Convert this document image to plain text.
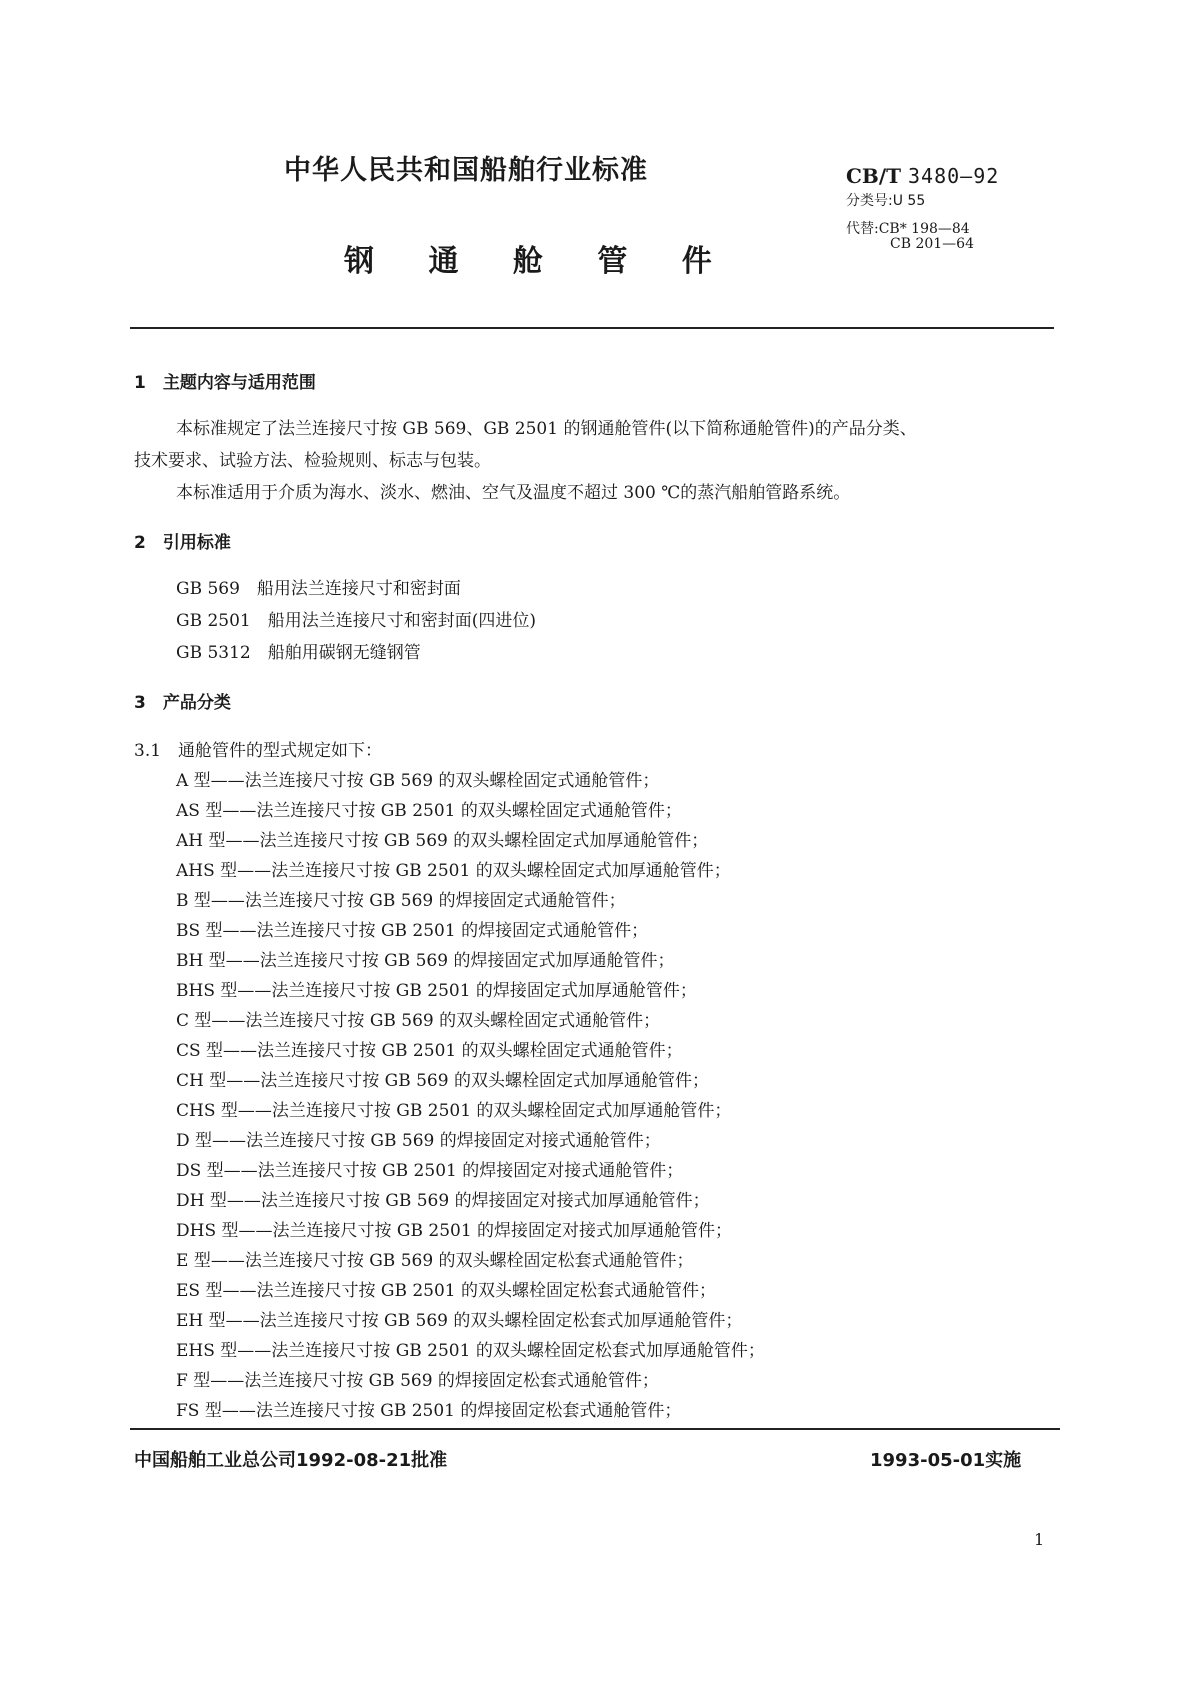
中华人民共和国船舶行业标准
钢 通 舱 管 件
CB/T 3480—92
分类号:U 55
代替:CB* 198—84
CB 201—64
1　主题内容与适用范围
本标准规定了法兰连接尺寸按 GB 569、GB 2501 的钢通舱管件(以下简称通舱管件)的产品分类、
技术要求、试验方法、检验规则、标志与包装。
本标准适用于介质为海水、淡水、燃油、空气及温度不超过 300 ℃的蒸汽船舶管路系统。
2　引用标准
GB 569　船用法兰连接尺寸和密封面
GB 2501　船用法兰连接尺寸和密封面(四进位)
GB 5312　船舶用碳钢无缝钢管
3　产品分类
3.1　通舱管件的型式规定如下：
A 型——法兰连接尺寸按 GB 569 的双头螺栓固定式通舱管件；
AS 型——法兰连接尺寸按 GB 2501 的双头螺栓固定式通舱管件；
AH 型——法兰连接尺寸按 GB 569 的双头螺栓固定式加厚通舱管件；
AHS 型——法兰连接尺寸按 GB 2501 的双头螺栓固定式加厚通舱管件；
B 型——法兰连接尺寸按 GB 569 的焊接固定式通舱管件；
BS 型——法兰连接尺寸按 GB 2501 的焊接固定式通舱管件；
BH 型——法兰连接尺寸按 GB 569 的焊接固定式加厚通舱管件；
BHS 型——法兰连接尺寸按 GB 2501 的焊接固定式加厚通舱管件；
C 型——法兰连接尺寸按 GB 569 的双头螺栓固定式通舱管件；
CS 型——法兰连接尺寸按 GB 2501 的双头螺栓固定式通舱管件；
CH 型——法兰连接尺寸按 GB 569 的双头螺栓固定式加厚通舱管件；
CHS 型——法兰连接尺寸按 GB 2501 的双头螺栓固定式加厚通舱管件；
D 型——法兰连接尺寸按 GB 569 的焊接固定对接式通舱管件；
DS 型——法兰连接尺寸按 GB 2501 的焊接固定对接式通舱管件；
DH 型——法兰连接尺寸按 GB 569 的焊接固定对接式加厚通舱管件；
DHS 型——法兰连接尺寸按 GB 2501 的焊接固定对接式加厚通舱管件；
E 型——法兰连接尺寸按 GB 569 的双头螺栓固定松套式通舱管件；
ES 型——法兰连接尺寸按 GB 2501 的双头螺栓固定松套式通舱管件；
EH 型——法兰连接尺寸按 GB 569 的双头螺栓固定松套式加厚通舱管件；
EHS 型——法兰连接尺寸按 GB 2501 的双头螺栓固定松套式加厚通舱管件；
F 型——法兰连接尺寸按 GB 569 的焊接固定松套式通舱管件；
FS 型——法兰连接尺寸按 GB 2501 的焊接固定松套式通舱管件；
中国船舶工业总公司1992-08-21批准	1993-05-01实施
1
